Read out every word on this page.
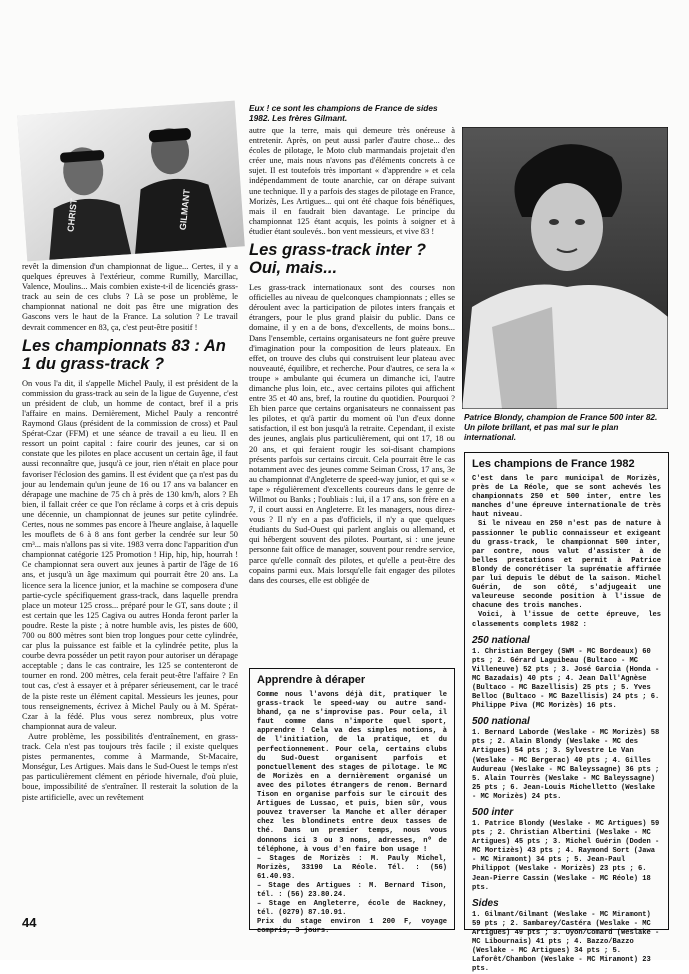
CHRIST	GILMANT

revêt la dimension d'un championnat de ligue... Certes, il y a quelques épreuves à l'extérieur, comme Rumilly, Marcillac, Valence, Moulins... Mais combien existe-t-il de licenciés grass-track au sein de ces clubs ? Là se pose un problème, le championnat national ne doit pas être une migration des Gascons vers le haut de la France. La solution ? Le travail devrait commencer en 83, ça, c'est peut-être positif !

Les championnats 83 : An 1 du grass-track ?

On vous l'a dit, il s'appelle Michel Pauly, il est président de la commission du grass-track au sein de la ligue de Guyenne, c'est un président de club, un homme de contact, bref il a pris l'affaire en mains. Dernièrement, Michel Pauly a rencontré Raymond Glaus (président de la commission de cross) et Paul Spérat-Czar (FFM) et une séance de travail a eu lieu. Il en ressort un point capital : faire courir des jeunes, car si on constate que les pilotes en place accusent un certain âge, il faut aussi reconnaître que, jusqu'à ce jour, rien n'était en place pour favoriser l'éclosion des gamins. Il est évident que ça n'est pas du jour au lendemain qu'un jeune de 16 ou 17 ans va balancer en dérapage une machine de 75 ch à près de 130 km/h, alors ? Eh bien, il fallait créer ce que l'on réclame à corps et à cris depuis une décennie, un championnat de jeunes sur petite cylindrée. Certes, nous ne sommes pas encore à l'heure anglaise, à laquelle les mouflets de 6 à 8 ans font gerber la cendrée sur leur 50 cm³... mais n'allons pas si vite. 1983 verra donc l'apparition d'un championnat catégorie 125 Promotion ! Hip, hip, hip, hourrah ! Ce championnat sera ouvert aux jeunes à partir de l'âge de 16 ans, et jusqu'à un âge maximum qui pourrait être 20 ans. La licence sera la licence junior, et la machine se composera d'une partie-cycle spécifiquement grass-track, dans laquelle prendra place un moteur 125 cross... préparé pour le GT, sans doute ; il est certain que les 125 Cagiva ou autres Honda feront parler la poudre. Reste la piste ; à notre humble avis, les pistes de 600, 700 ou 800 mètres sont bien trop longues pour cette cylindrée, car plus la puissance est faible et la cylindrée petite, plus la courbe devra posséder un petit rayon pour autoriser un dérapage acceptable ; dans le cas contraire, les 125 se contenteront de tourner en rond. 200 mètres, cela ferait peut-être l'affaire ? En tout cas, c'est à essayer et à préparer sérieusement, car le tracé de la piste reste un élément capital. Messieurs les jeunes, pour tous renseignements, écrivez à Michel Pauly ou à M. Spérat-Czar à la fédé. Plus vous serez nombreux, plus votre championnat aura de valeur.

Autre problème, les possibilités d'entraînement, en grass-track. Cela n'est pas toujours très facile ; il existe quelques pistes permanentes, comme à Marmande, St-Macaire, Monségur, Les Artigues. Mais dans le Sud-Ouest le temps n'est pas particulièrement clément en période hivernale, d'où pluie, boue, impossibilité de s'entraîner. Il resterait la solution de la piste artificielle, avec un revêtement

Eux ! ce sont les champions de France de sides 1982. Les frères Gilmant.

autre que la terre, mais qui demeure très onéreuse à entretenir. Après, on peut aussi parler d'autre chose... des écoles de pilotage, le Moto club marmandais projetait d'en créer une, mais nous n'avons pas d'éléments concrets à ce sujet. Il est toutefois très important « d'apprendre » et cela indépendamment de toute anarchie, car on dérape suivant une technique. Il y a parfois des stages de pilotage en France, Morizès, Les Artigues... qui ont été chaque fois bénéfiques, mais il en faudrait bien davantage. Le principe du championnat 125 étant acquis, les points à soigner et à étudier étant soulevés.. bon vent messieurs, et vive 83 !

Les grass-track inter ? Oui, mais...

Les grass-track internationaux sont des courses non officielles au niveau de quelconques championnats ; elles se déroulent avec la participation de pilotes inters français et étrangers, pour le plus grand plaisir du public. Dans ce domaine, il y en a de bons, d'excellents, de moins bons... Dans l'ensemble, certains organisateurs ne font guère preuve d'imagination pour la composition de leurs plateaux. En effet, on trouve des clubs qui construisent leur plateau avec nouveauté, équilibre, et recherche. Pour d'autres, ce sera la « troupe » ambulante qui écumera un dimanche ici, l'autre dimanche plus loin, etc., avec certains pilotes qui affichent entre 35 et 40 ans, bref, la routine du quotidien. Pourquoi ? Eh bien parce que certains organisateurs ne connaissent pas les pilotes, et qu'à partir du moment où l'un d'eux donne satisfaction, il est bon jusqu'à la retraite. Cependant, il existe des jeunes, anglais plus particulièrement, qui ont 17, 18 ou 20 ans, et qui feraient rougir les soi-disant champions présents parfois sur certains circuit. Cela pourrait être le cas notamment avec des jeunes comme Seiman Cross, 17 ans, 3e au championnat d'Angleterre de speed-way junior, et qui se « tape » régulièrement d'excellents coureurs dans le genre de Willmot ou Banks ; l'oubliais : lui, il a 17 ans, son frère en a 7, il court aussi en Angleterre. Et les managers, nous direz-vous ? Il n'y en a pas d'officiels, il n'y a que quelques étudiants du Sud-Ouest qui parlent anglais ou allemand, et qui hébergent souvent des pilotes. Pourtant, si : une jeune personne fait office de manager, souvent pour rendre service, parce qu'elle connaît des pilotes, et qu'elle a peut-être des copains parmi eux. Mais lorsqu'elle fait engager des pilotes dans des courses, elle est obligée de

Apprendre à déraper

Comme nous l'avons déjà dit, pratiquer le grass-track le speed-way ou autre sand-bhand, ça ne s'improvise pas. Pour cela, il faut comme dans n'importe quel sport, apprendre ! Cela va des simples notions, à de l'initiation, de la pratique, et du perfectionnement. Pour cela, certains clubs du Sud-Ouest organisent parfois et ponctuellement des stages de pilotage. le MC de Morizès en a dernièrement organisé un avec des pilotes étrangers de renom. Bernard Tison en organise parfois sur le circuit des Artigues de Lussac, et puis, bien sûr, vous pouvez traverser la Manche et aller déraper chez les blondinets entre deux tasses de thé. Dans un premier temps, nous vous donnons ici 3 ou 3 noms, adresses, nº de téléphone, à vous d'en faire bon usage !

– Stages de Morizès : M. Pauly Michel, Morizès, 33190 La Réole. Tél. : (56) 61.40.93.

– Stage des Artigues : M. Bernard Tison, tél. : (56) 23.80.24.

– Stage en Angleterre, école de Hackney, tél. (0279) 87.10.91.

Prix du stage environ 1 200 F, voyage compris, 3 jours.

Patrice Blondy, champion de France 500 inter 82. Un pilote brillant, et pas mal sur le plan international.

Les champions de France 1982

C'est dans le parc municipal de Morizès, près de La Réole, que se sont achevés les championnats 250 et 500 inter, entre les manches d'une épreuve internationale de très haut niveau.

Si le niveau en 250 n'est pas de nature à passionner le public connaisseur et exigeant du grass-track, le championnat 500 inter, par contre, nous valut d'assister à de belles prestations et permit à Patrice Blondy de concrétiser la suprématie affirmée par lui depuis le début de la saison. Michel Guérin, de son côté, s'adjugeait une valeureuse seconde position à l'issue de chacune des trois manches.

Voici, à l'issue de cette épreuve, les classements complets 1982 :

250 national

1. Christian Bergey (SWM - MC Bordeaux) 60 pts ; 2. Gérard Laguibeau (Bultaco - MC Villeneuve) 52 pts ; 3. José Garcia (Honda - MC Bazadais) 40 pts ; 4. Jean Dall'Agnèse (Bultaco - MC Bazellisis) 25 pts ; 5. Yves Belloc (Bultaco - MC Bazellisis) 24 pts ; 6. Philippe Piva (MC Morizès) 16 pts.

500 national

1. Bernard Laborde (Weslake - MC Morizès) 58 pts ; 2. Alain Blondy (Weslake - MC des Artigues) 54 pts ; 3. Sylvestre Le Van (Weslake - MC Bergerac) 40 pts ; 4. Gilles Audureau (Weslake - MC Baleyssagne) 36 pts ; 5. Alain Tourrès (Weslake - MC Baleyssagne) 25 pts ; 6. Jean-Louis Michelletto (Weslake - MC Morizès) 24 pts.

500 inter

1. Patrice Blondy (Weslake - MC Artigues) 59 pts ; 2. Christian Albertini (Weslake - MC Artigues) 45 pts ; 3. Michel Guérin (Doden - MC Mortizès) 43 pts ; 4. Raymond Sort (Jawa - MC Miramont) 34 pts ; 5. Jean-Paul Philippot (Weslake - Morizès) 23 pts ; 6. Jean-Pierre Cassin (Weslake - MC Réole) 18 pts.

Sides

1. Gilmant/Gilmant (Weslake - MC Miramont) 59 pts ; 2. Sambarey/Castéra (Weslake - MC Artigues) 49 pts ; 3. Oyon/Comard (Weslake - MC Libournais) 41 pts ; 4. Bazzo/Bazzo (Weslake - MC Artigues) 34 pts ; 5. Laforêt/Chambon (Weslake - MC Miramont) 23 pts.

44
